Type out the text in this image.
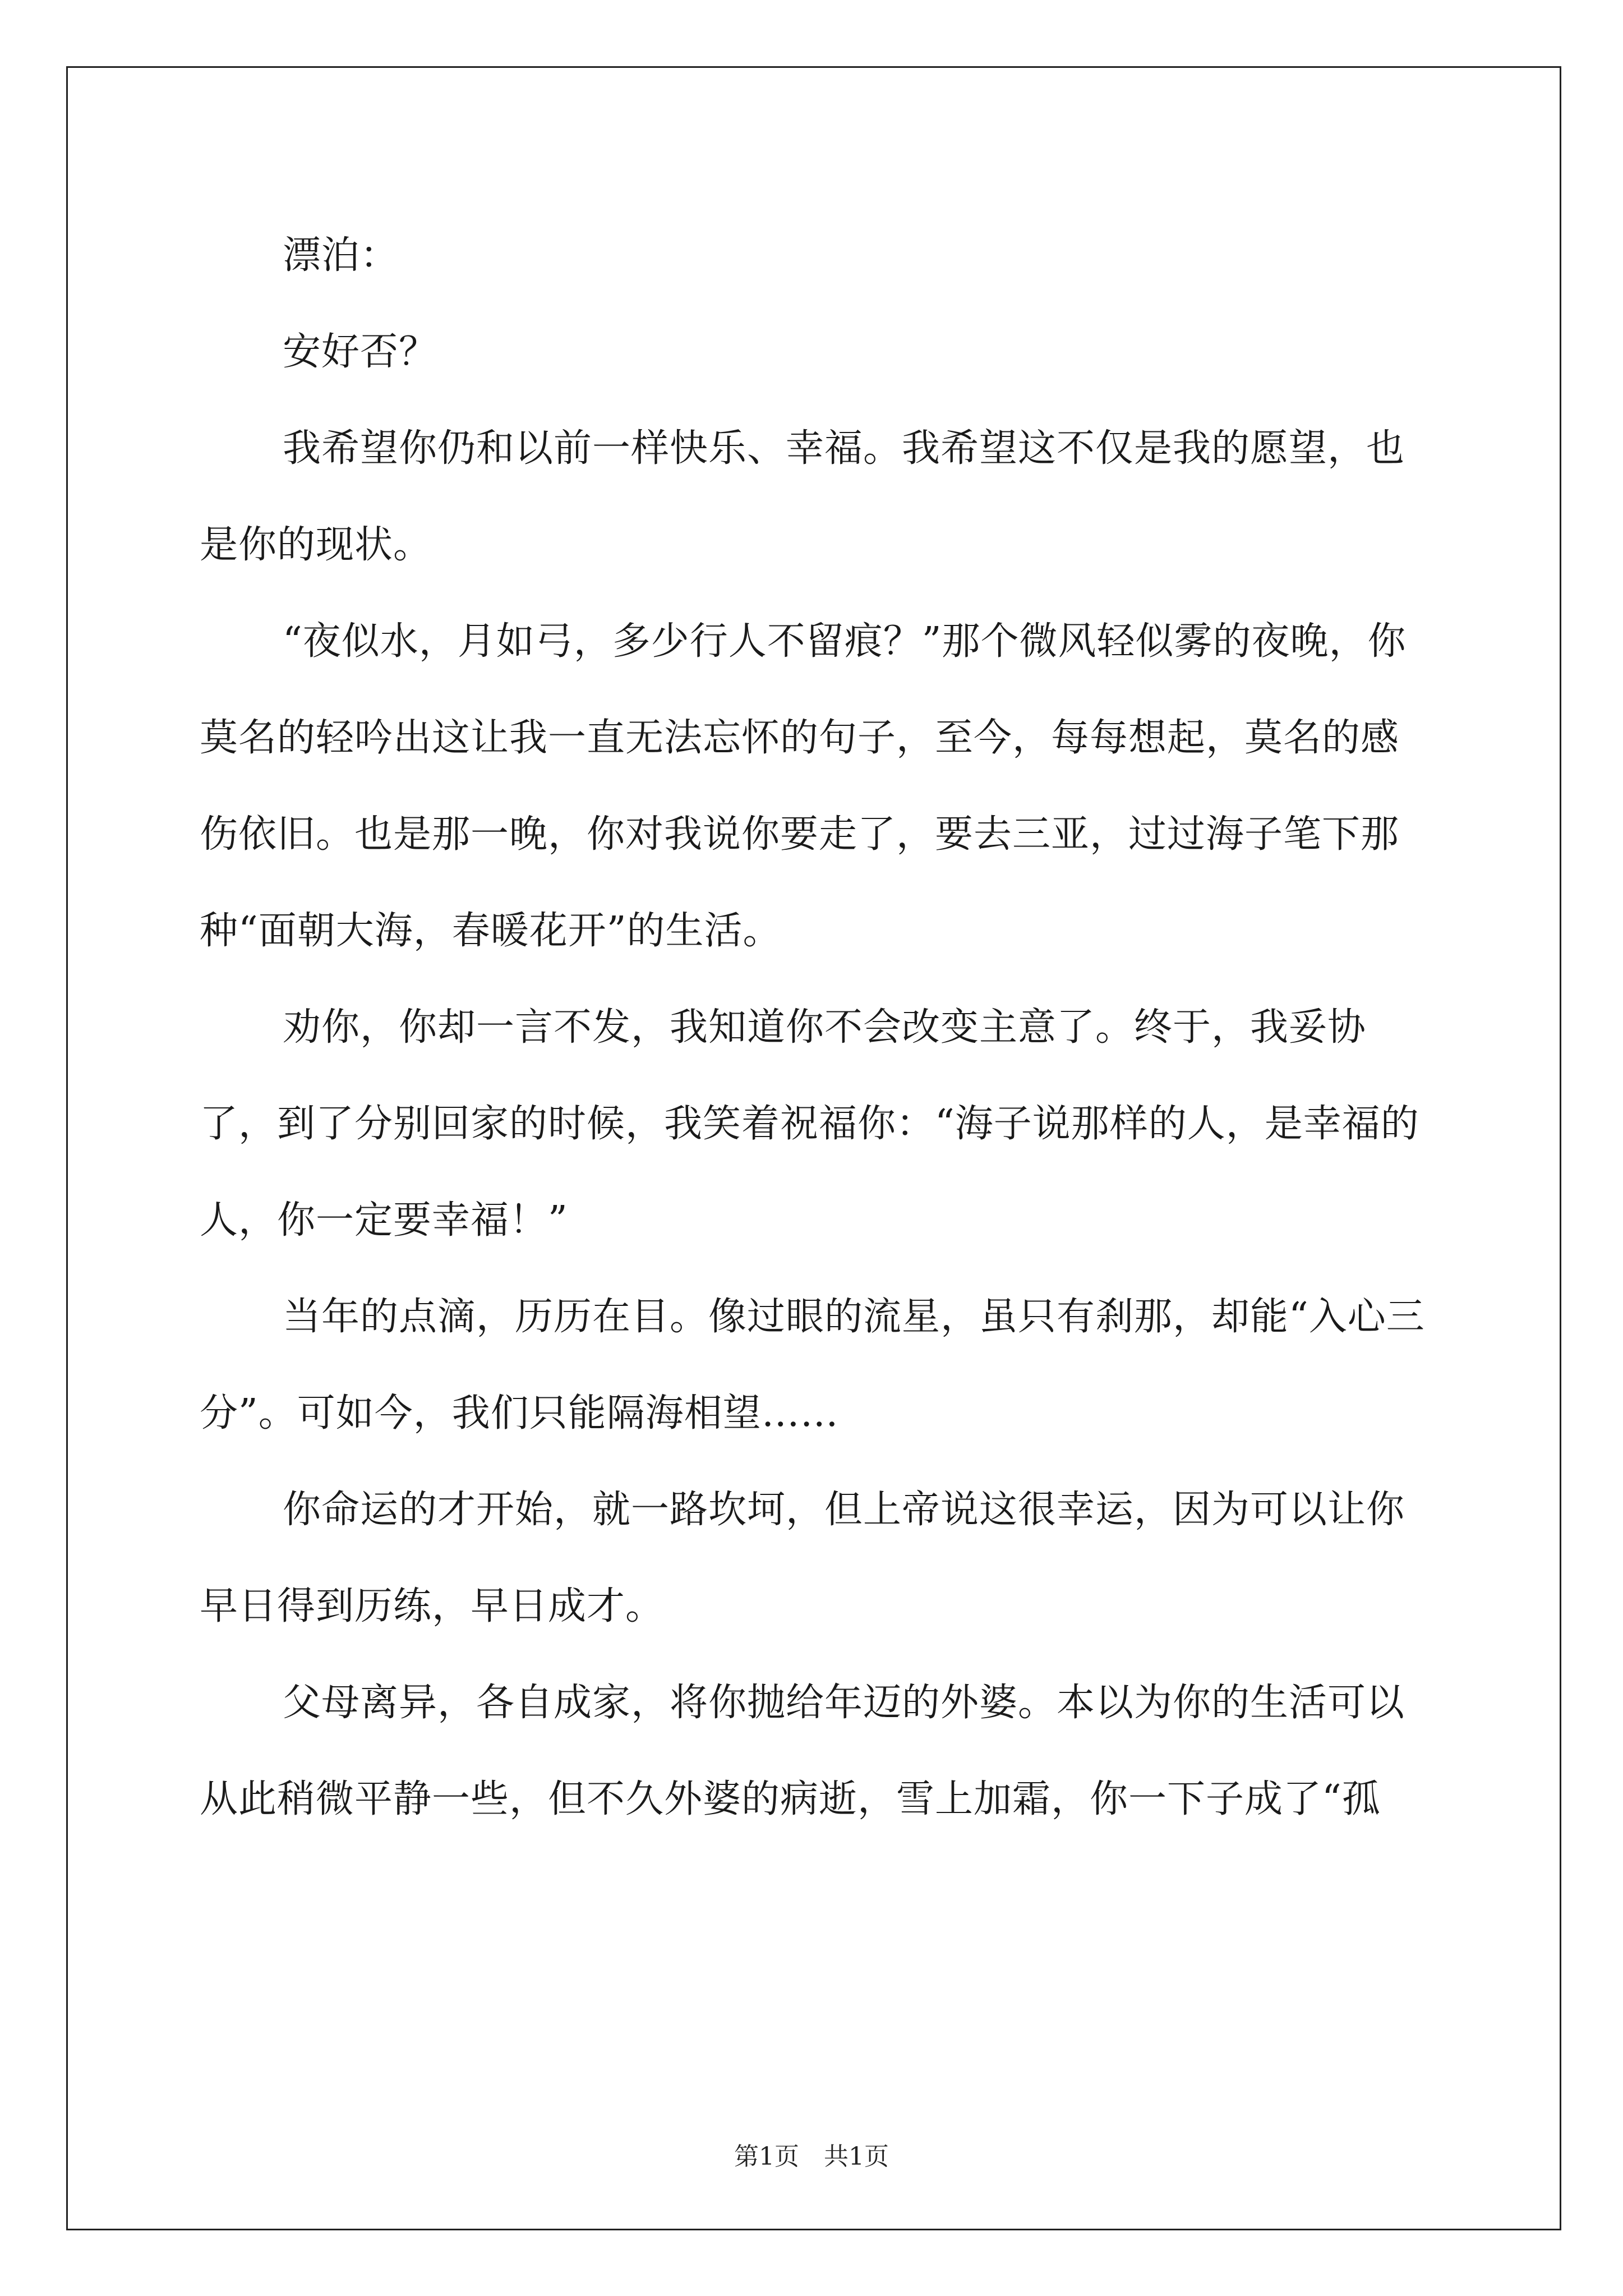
漂泊：

安好否？

我希望你仍和以前一样快乐、幸福。我希望这不仅是我的愿望，也是你的现状。

“夜似水，月如弓，多少行人不留痕？”那个微风轻似雾的夜晚，你莫名的轻吟出这让我一直无法忘怀的句子，至今，每每想起，莫名的感伤依旧。也是那一晚，你对我说你要走了，要去三亚，过过海子笔下那种“面朝大海，春暖花开”的生活。

劝你，你却一言不发，我知道你不会改变主意了。终于，我妥协了，到了分别回家的时候，我笑着祝福你：“海子说那样的人，是幸福的人，你一定要幸福！”

当年的点滴，历历在目。像过眼的流星，虽只有刹那，却能“入心三分”。可如今，我们只能隔海相望……

你命运的才开始，就一路坎坷，但上帝说这很幸运，因为可以让你早日得到历练，早日成才。

父母离异，各自成家，将你抛给年迈的外婆。本以为你的生活可以从此稍微平静一些，但不久外婆的病逝，雪上加霜，你一下子成了“孤

第1页 共1页
